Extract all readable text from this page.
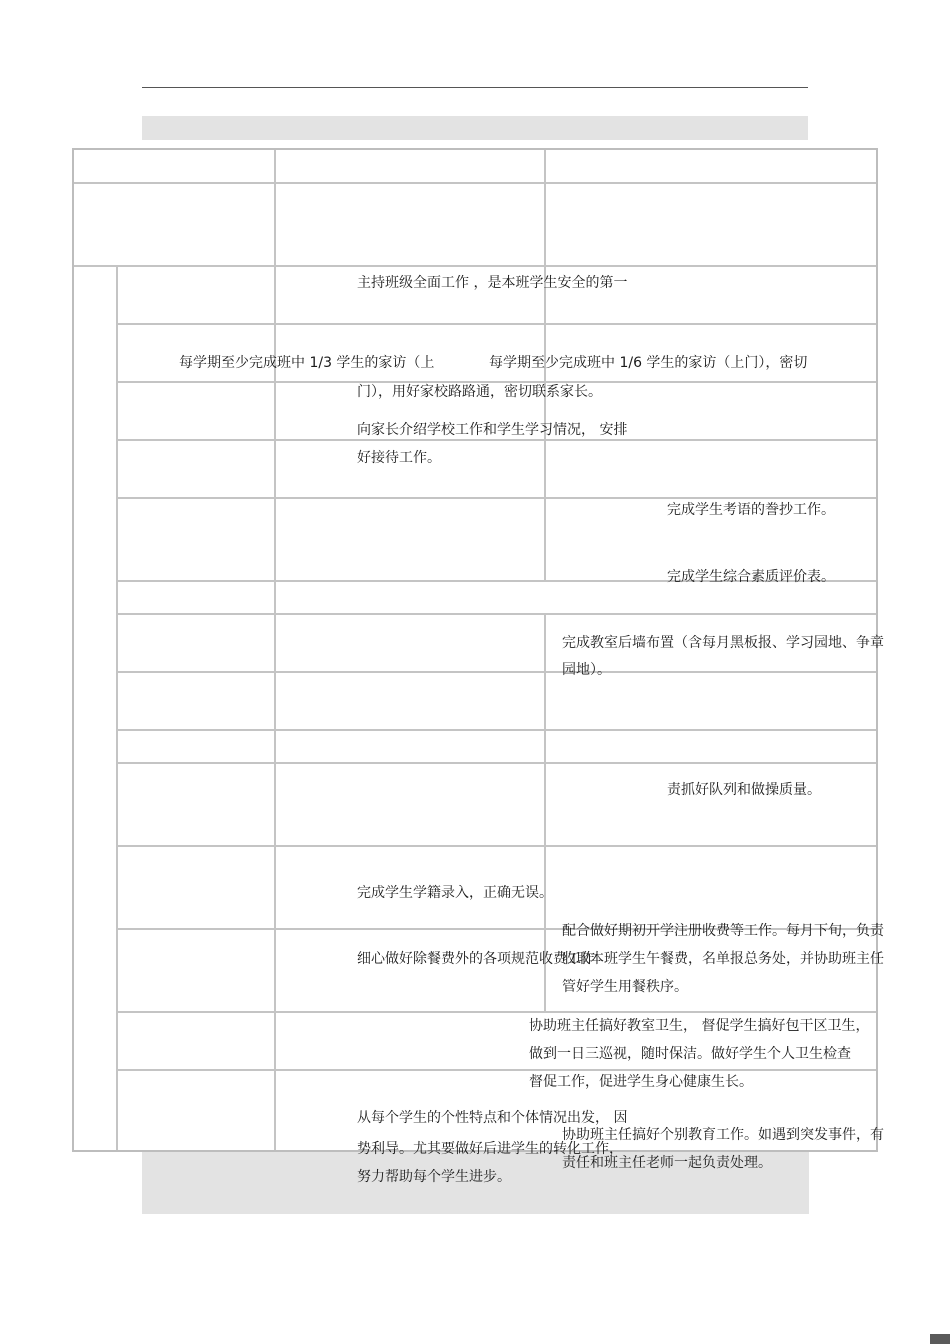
主持班级全面工作 ，是本班学生安全的第一
每学期至少完成班中 1/3 学生的家访（上	每学期至少完成班中 1/6 学生的家访（上门），密切
门），用好家校路路通，密切联系家长。
向家长介绍学校工作和学生学习情况， 安排
好接待工作。
完成学生考语的誊抄工作。
完成学生综合素质评价表。
完成教室后墙布置（含每月黑板报、学习园地、争章
园地）。
责抓好队列和做操质量。
完成学生学籍录入，正确无误。
配合做好期初开学注册收费等工作。每月下旬，负责
细心做好除餐费外的各项规范收费工作
收取本班学生午餐费，名单报总务处，并协助班主任
管好学生用餐秩序。
协助班主任搞好教室卫生， 督促学生搞好包干区卫生，
做到一日三巡视，随时保洁。做好学生个人卫生检查
督促工作，促进学生身心健康生长。
从每个学生的个性特点和个体情况出发， 因
势利导。尤其要做好后进学生的转化工作，
努力帮助每个学生进步。
协助班主任搞好个别教育工作。如遇到突发事件，有
责任和班主任老师一起负责处理。
